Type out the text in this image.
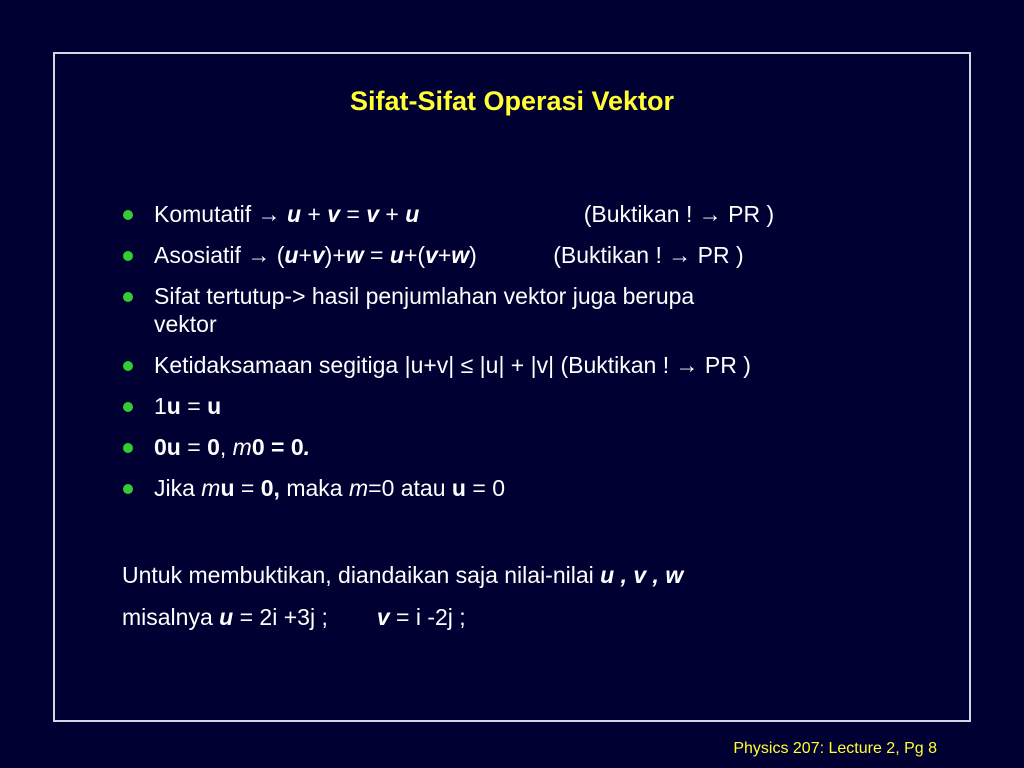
Sifat-Sifat Operasi Vektor
Komutatif → u + v = v + u	(Buktikan ! → PR )
Asosiatif → (u+v)+w = u+(v+w)	(Buktikan ! → PR )
Sifat tertutup-> hasil penjumlahan vektor juga berupa
vektor
Ketidaksamaan segitiga |u+v| ≤ |u| + |v| (Buktikan ! → PR )
1u = u
0u = 0, m0 = 0.
Jika mu = 0, maka m=0 atau u = 0
Untuk membuktikan, diandaikan saja nilai-nilai u , v , w
misalnya u = 2i +3j ; v = i -2j ;
Physics 207: Lecture 2, Pg 8
